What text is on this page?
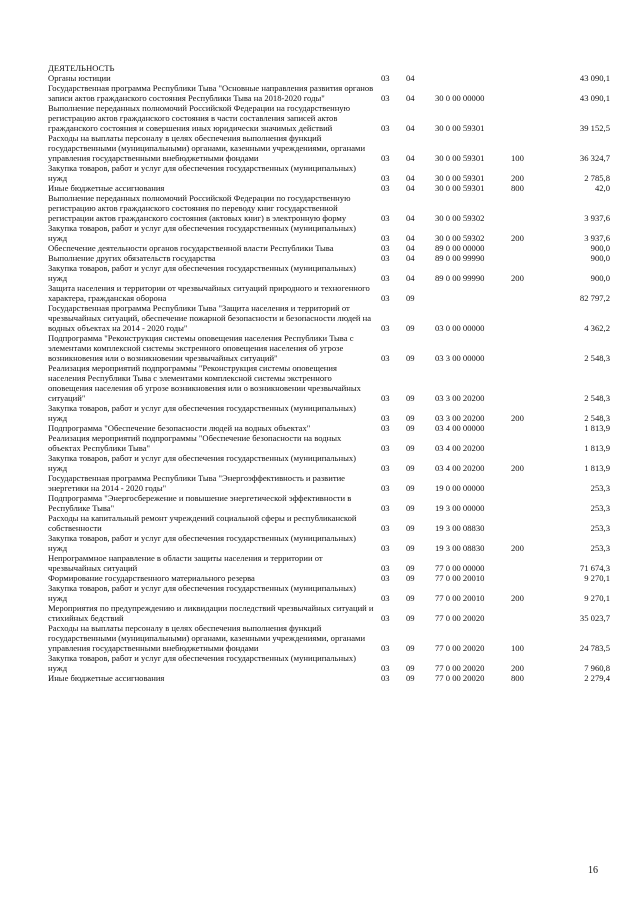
ДЕЯТЕЛЬНОСТЬ
Органы юстиции	03 04	43 090,1
Государственная программа Республики Тыва "Основные направления развития органов записи актов гражданского состояния Республики Тыва на 2018-2020 годы"	03 04 30 0 00 00000	43 090,1
Выполнение переданных полномочий Российской Федерации на государственную регистрацию актов гражданского состояния в части составления записей актов гражданского состояния и совершения иных юридически значимых действий	03 04 30 0 00 59301	39 152,5
Расходы на выплаты персоналу в целях обеспечения выполнения функций государственными (муниципальными) органами, казенными учреждениями, органами управления государственными внебюджетными фондами	03 04 30 0 00 59301	100	36 324,7
Закупка товаров, работ и услуг для обеспечения государственных (муниципальных) нужд	03 04 30 0 00 59301	200	2 785,8
Иные бюджетные ассигнования	03 04 30 0 00 59301	800	42,0
Выполнение переданных полномочий Российской Федерации по государственную регистрацию актов гражданского состояния по переводу книг государственной регистрации актов гражданского состояния (актовых книг) в электронную форму	03 04 30 0 00 59302	3 937,6
Закупка товаров, работ и услуг для обеспечения государственных (муниципальных) нужд	03 04 30 0 00 59302	200	3 937,6
Обеспечение деятельности органов государственной власти Республики Тыва	03 04 89 0 00 00000	900,0
Выполнение других обязательств государства	03 04 89 0 00 99990	900,0
Закупка товаров, работ и услуг для обеспечения государственных (муниципальных) нужд	03 04 89 0 00 99990	200	900,0
Защита населения и территории от чрезвычайных ситуаций природного и техногенного характера, гражданская оборона	03 09	82 797,2
Государственная программа Республики Тыва "Защита населения и территорий от чрезвычайных ситуаций, обеспечение пожарной безопасности и безопасности людей на водных объектах на 2014 - 2020 годы"	03 09 03 0 00 00000	4 362,2
Подпрограмма "Реконструкция системы оповещения населения Республики Тыва с элементами комплексной системы экстренного оповещения населения об угрозе возникновения или о возникновении чрезвычайных ситуаций"	03 09 03 3 00 00000	2 548,3
Реализация мероприятий подпрограммы "Реконструкция системы оповещения населения Республики Тыва с элементами комплексной системы экстренного оповещения населения об угрозе возникновения или о возникновении чрезвычайных ситуаций"	03 09 03 3 00 20200	2 548,3
Закупка товаров, работ и услуг для обеспечения государственных (муниципальных) нужд	03 09 03 3 00 20200	200	2 548,3
Подпрограмма "Обеспечение безопасности людей на водных объектах"	03 09 03 4 00 00000	1 813,9
Реализация мероприятий подпрограммы "Обеспечение безопасности на водных объектах Республики Тыва"	03 09 03 4 00 20200	1 813,9
Закупка товаров, работ и услуг для обеспечения государственных (муниципальных) нужд	03 09 03 4 00 20200	200	1 813,9
Государственная программа Республики Тыва "Энергоэффективность и развитие энергетики на 2014 - 2020 годы"	03 09 19 0 00 00000	253,3
Подпрограмма "Энергосбережение и повышение энергетической эффективности в Республике Тыва"	03 09 19 3 00 00000	253,3
Расходы на капитальный ремонт учреждений социальной сферы и республиканской собственности	03 09 19 3 00 08830	253,3
Закупка товаров, работ и услуг для обеспечения государственных (муниципальных) нужд	03 09 19 3 00 08830	200	253,3
Непрограммное направление в области защиты населения и территории от чрезвычайных ситуаций	03 09 77 0 00 00000	71 674,3
Формирование государственного материального резерва	03 09 77 0 00 20010	9 270,1
Закупка товаров, работ и услуг для обеспечения государственных (муниципальных) нужд	03 09 77 0 00 20010	200	9 270,1
Мероприятия по предупреждению и ликвидации последствий чрезвычайных ситуаций и стихийных бедствий	03 09 77 0 00 20020	35 023,7
Расходы на выплаты персоналу в целях обеспечения выполнения функций государственными (муниципальными) органами, казенными учреждениями, органами управления государственными внебюджетными фондами	03 09 77 0 00 20020	100	24 783,5
Закупка товаров, работ и услуг для обеспечения государственных (муниципальных) нужд	03 09 77 0 00 20020	200	7 960,8
Иные бюджетные ассигнования	03 09 77 0 00 20020	800	2 279,4
16
